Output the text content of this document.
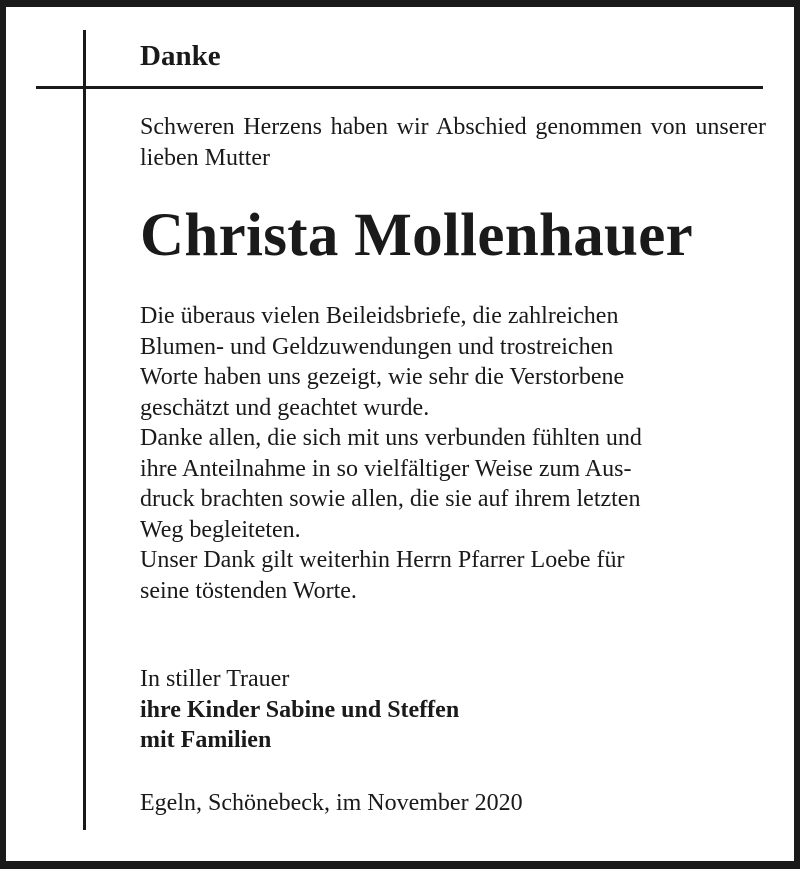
Danke

Schweren Herzens haben wir Abschied genommen von unserer lieben Mutter

Christa Mollenhauer
Die überaus vielen Beileidsbriefe, die zahlreichen
Blumen- und Geldzuwendungen und trostreichen
Worte haben uns gezeigt, wie sehr die Verstorbene
geschätzt und geachtet wurde.
Danke allen, die sich mit uns verbunden fühlten und
ihre Anteilnahme in so vielfältiger Weise zum Aus-
druck brachten sowie allen, die sie auf ihrem letzten
Weg begleiteten.
Unser Dank gilt weiterhin Herrn Pfarrer Loebe für
seine töstenden Worte.
In stiller Trauer
ihre Kinder Sabine und Steffen
mit Familien

Egeln, Schönebeck, im November 2020
